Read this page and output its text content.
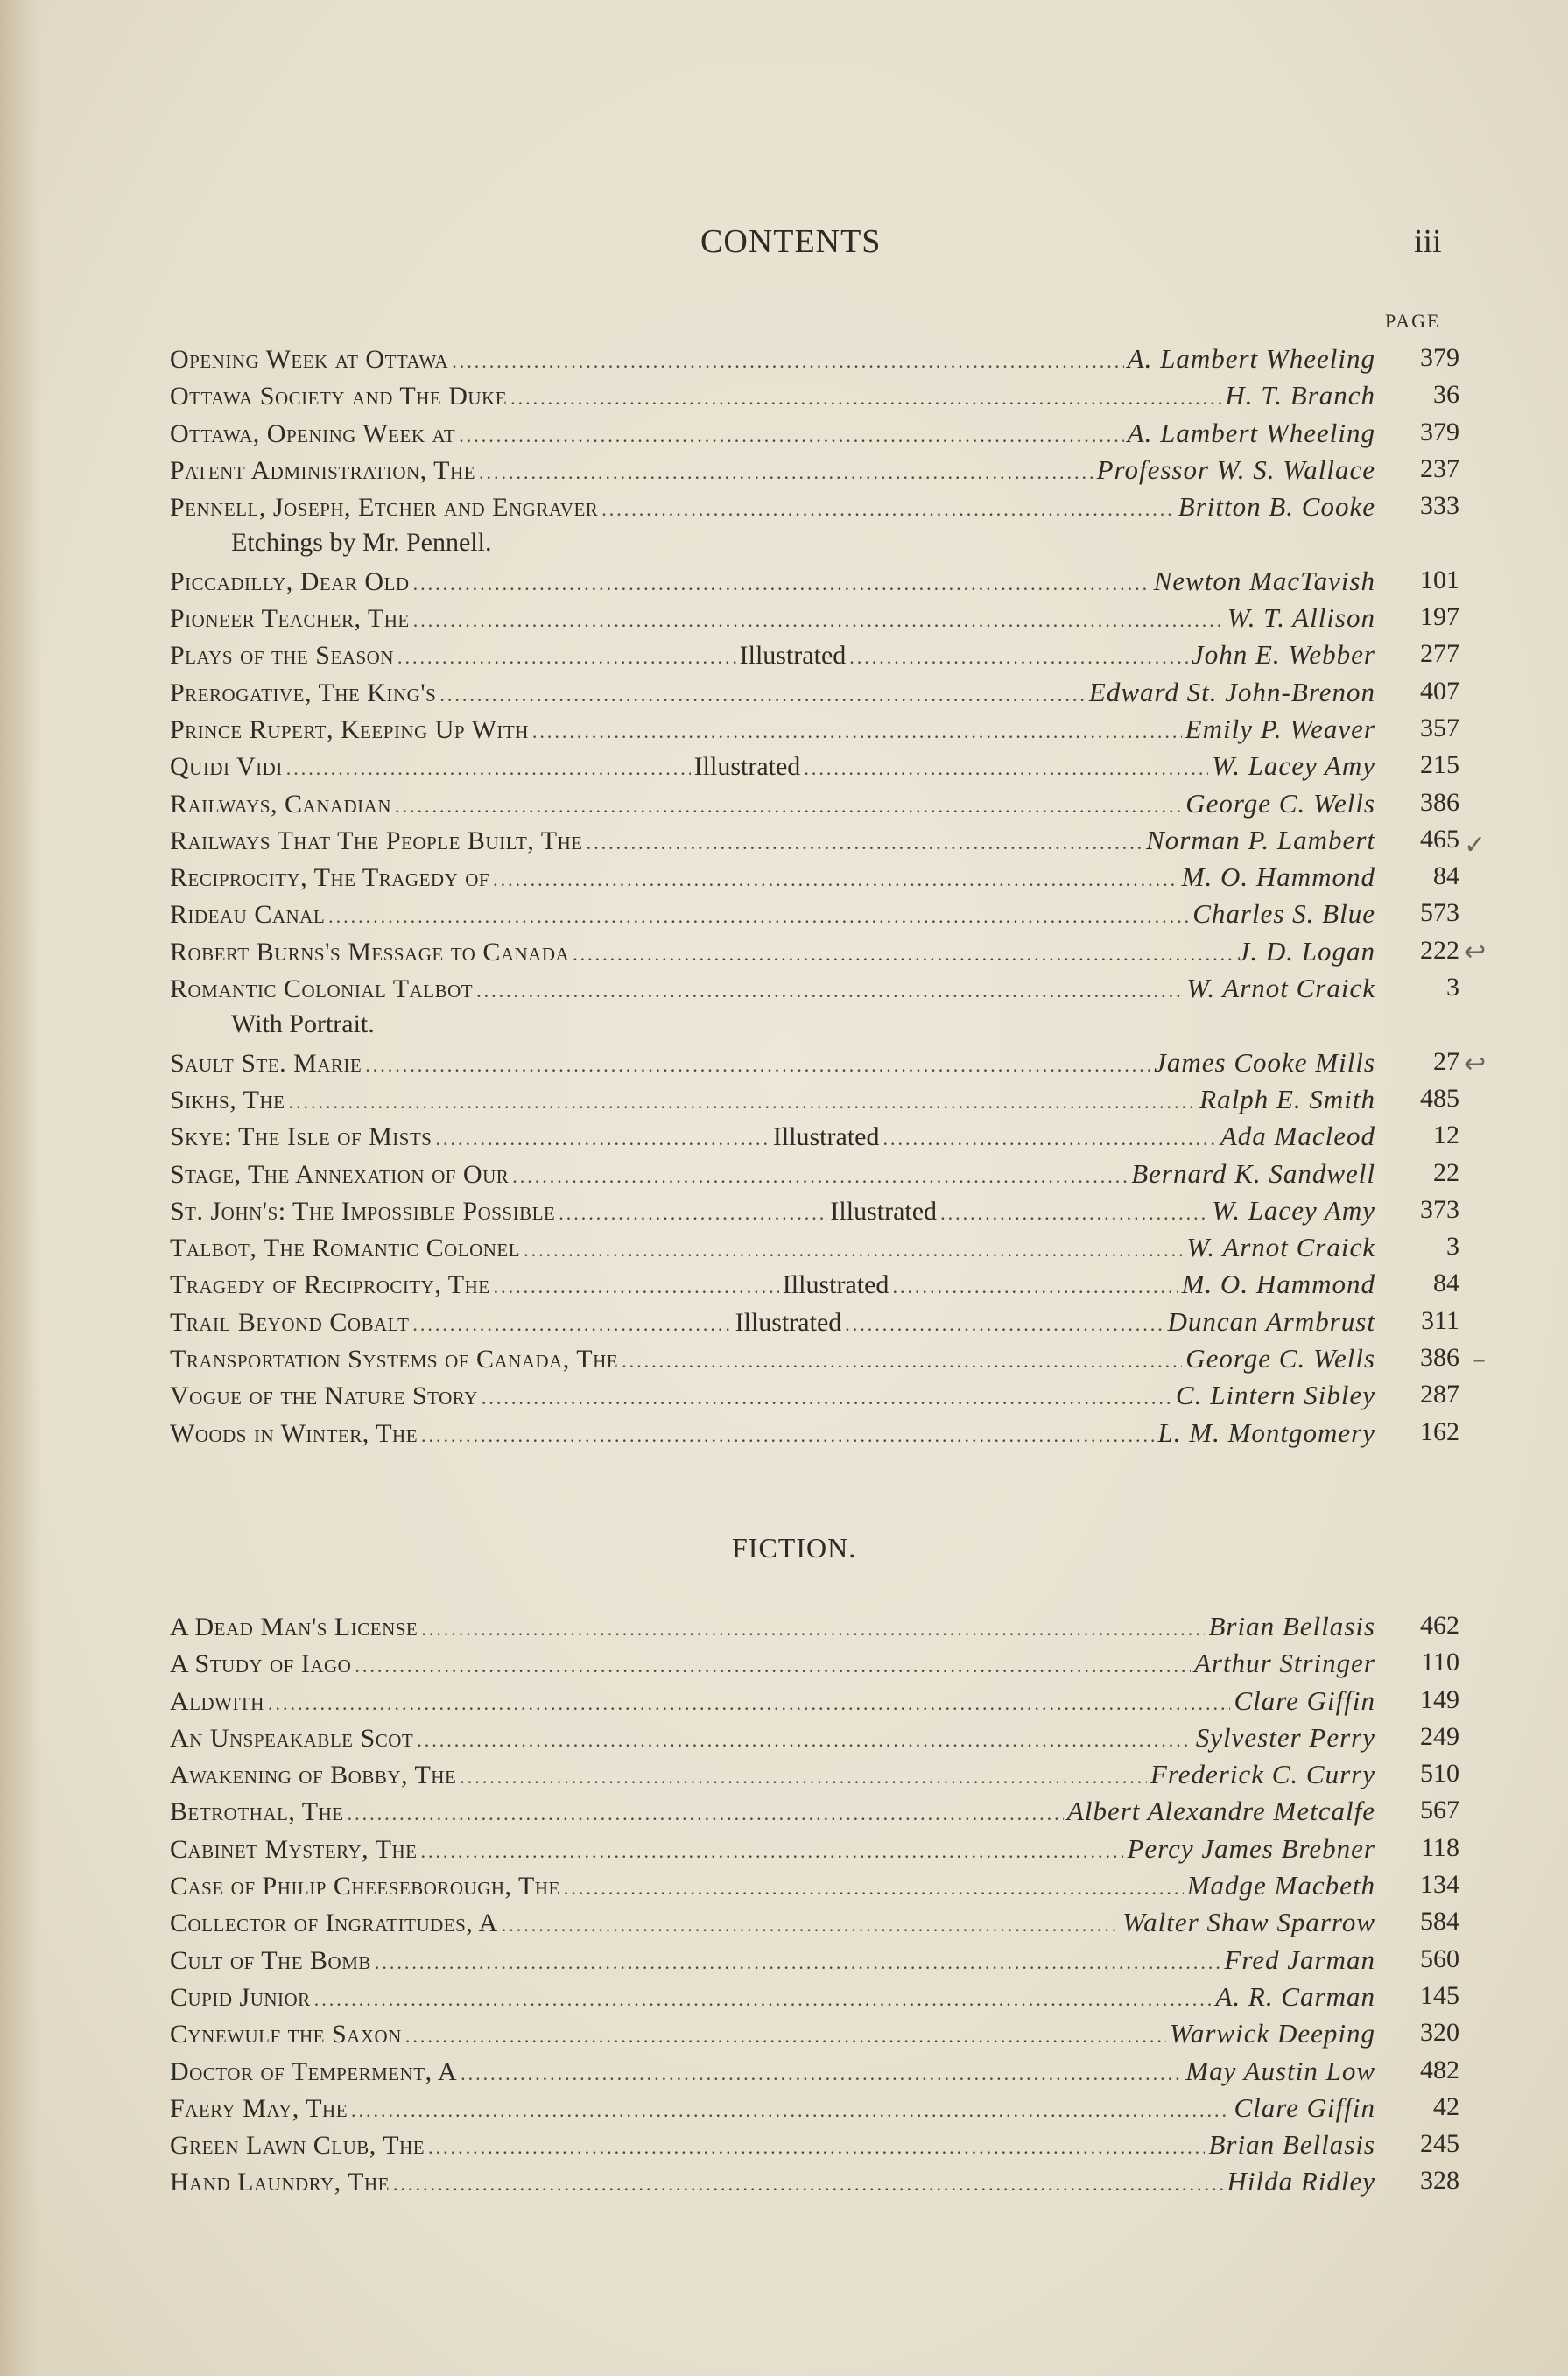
CONTENTS	iii
PAGE
Opening Week at Ottawa .....	A. Lambert Wheeling	379
Ottawa Society and The Duke .....	H. T. Branch	36
Ottawa, Opening Week at .....	A. Lambert Wheeling	379
Patent Administration, The .....	Professor W. S. Wallace	237
Pennell, Joseph, Etcher and Engraver .....	Britton B. Cooke	333
Etchings by Mr. Pennell.
Piccadilly, Dear Old .....	Newton MacTavish	101
Pioneer Teacher, The .....	W. T. Allison	197
Plays of the Season .....	Illustrated .....	John E. Webber	277
Prerogative, The King's .....	Edward St. John-Brenon	407
Prince Rupert, Keeping Up With .....	Emily P. Weaver	357
Quidi Vidi .....	Illustrated .....	W. Lacey Amy	215
Railways, Canadian .....	George C. Wells	386
Railways That The People Built, The .....	Norman P. Lambert	465
Reciprocity, The Tragedy of .....	M. O. Hammond	84
Rideau Canal .....	Charles S. Blue	573
Robert Burns's Message to Canada .....	J. D. Logan	222
Romantic Colonial Talbot .....	W. Arnot Craick	3
With Portrait.
Sault Ste. Marie .....	James Cooke Mills	27
Sikhs, The .....	Ralph E. Smith	485
Skye: The Isle of Mists .....	Illustrated .....	Ada Macleod	12
Stage, The Annexation of Our .....	Bernard K. Sandwell	22
St. John's: The Impossible Possible .....	Illustrated .....	W. Lacey Amy	373
Talbot, The Romantic Colonel .....	W. Arnot Craick	3
Tragedy of Reciprocity, The .....	Illustrated .....	M. O. Hammond	84
Trail Beyond Cobalt .....	Illustrated .....	Duncan Armbrust	311
Transportation Systems of Canada, The .....	George C. Wells	386
Vogue of the Nature Story .....	C. Lintern Sibley	287
Woods in Winter, The .....	L. M. Montgomery	162
FICTION.
A Dead Man's License .....	Brian Bellasis	462
A Study of Iago .....	Arthur Stringer	110
Aldwith .....	Clare Giffin	149
An Unspeakable Scot .....	Sylvester Perry	249
Awakening of Bobby, The .....	Frederick C. Curry	510
Betrothal, The .....	Albert Alexandre Metcalfe	567
Cabinet Mystery, The .....	Percy James Brebner	118
Case of Philip Cheeseborough, The .....	Madge Macbeth	134
Collector of Ingratitudes, A .....	Walter Shaw Sparrow	584
Cult of The Bomb .....	Fred Jarman	560
Cupid Junior .....	A. R. Carman	145
Cynewulf the Saxon .....	Warwick Deeping	320
Doctor of Temperment, A .....	May Austin Low	482
Faery May, The .....	Clare Giffin	42
Green Lawn Club, The .....	Brian Bellasis	245
Hand Laundry, The .....	Hilda Ridley	328
✓
↩
↩
–
